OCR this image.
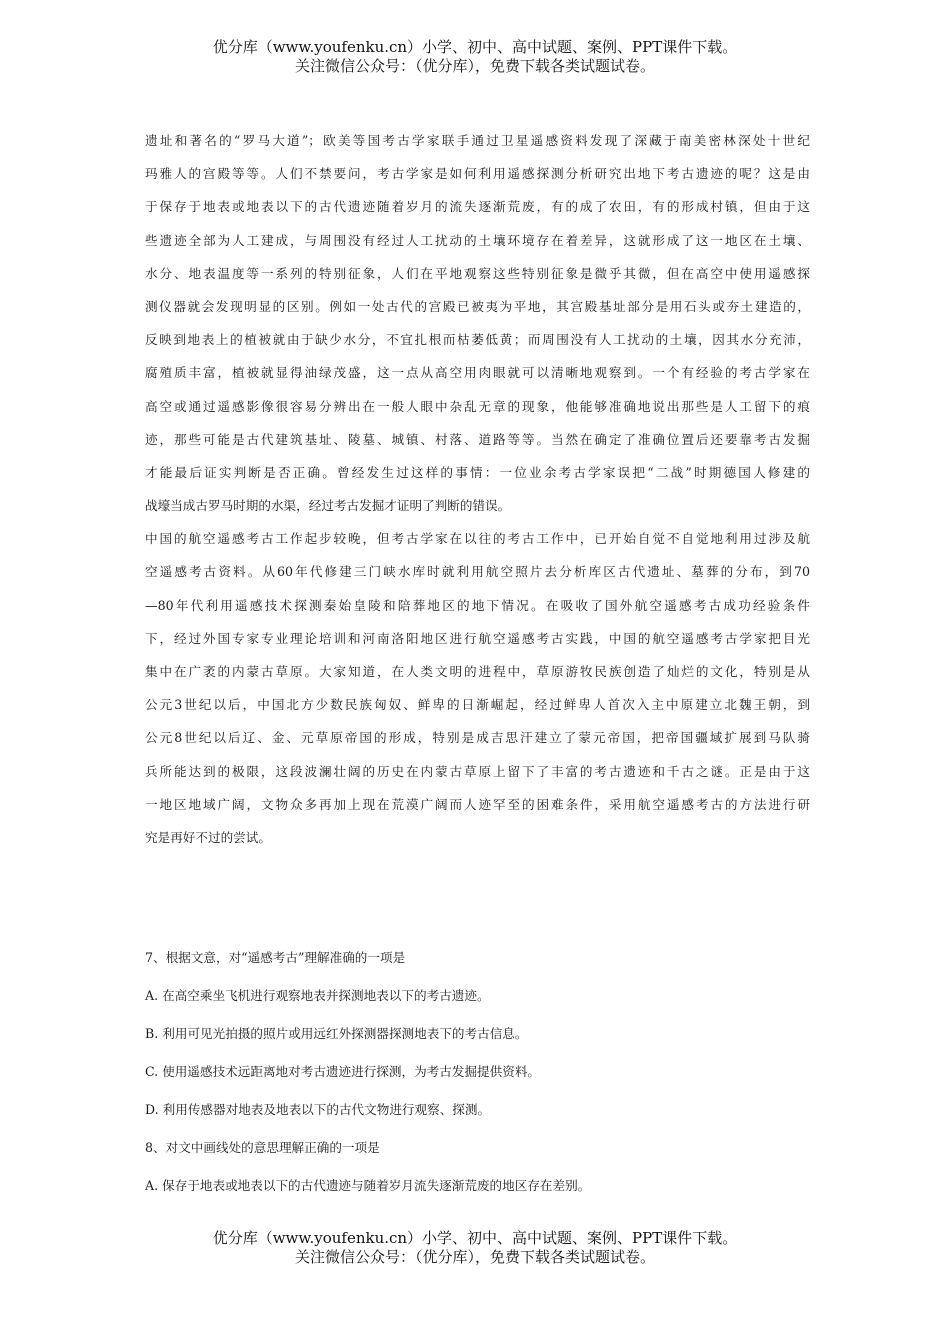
优分库（www.youfenku.cn）小学、初中、高中试题、案例、PPT课件下载。
关注微信公众号：（优分库），免费下载各类试题试卷。
遗址和著名的“罗马大道”；欧美等国考古学家联手通过卫星遥感资料发现了深藏于南美密林深处十世纪
玛雅人的宫殿等等。人们不禁要问，考古学家是如何利用遥感探测分析研究出地下考古遗迹的呢？这是由
于保存于地表或地表以下的古代遗迹随着岁月的流失逐渐荒废，有的成了农田，有的形成村镇，但由于这
些遗迹全部为人工建成，与周围没有经过人工扰动的土壤环境存在着差异，这就形成了这一地区在土壤、
水分、地表温度等一系列的特别征象，人们在平地观察这些特别征象是微乎其微，但在高空中使用遥感探
测仪器就会发现明显的区别。例如一处古代的宫殿已被夷为平地，其宫殿基址部分是用石头或夯土建造的，
反映到地表上的植被就由于缺少水分，不宜扎根而枯萎低黄；而周围没有人工扰动的土壤，因其水分充沛，
腐殖质丰富，植被就显得油绿茂盛，这一点从高空用肉眼就可以清晰地观察到。一个有经验的考古学家在
高空或通过遥感影像很容易分辨出在一般人眼中杂乱无章的现象，他能够准确地说出那些是人工留下的痕
迹，那些可能是古代建筑基址、陵墓、城镇、村落、道路等等。当然在确定了准确位置后还要靠考古发掘
才能最后证实判断是否正确。曾经发生过这样的事情：一位业余考古学家误把“二战”时期德国人修建的
战壕当成古罗马时期的水渠，经过考古发掘才证明了判断的错误。
中国的航空遥感考古工作起步较晚，但考古学家在以往的考古工作中，已开始自觉不自觉地利用过涉及航
空遥感考古资料。从60年代修建三门峡水库时就利用航空照片去分析库区古代遗址、墓葬的分布，到70
—80年代利用遥感技术探测秦始皇陵和陪葬地区的地下情况。在吸收了国外航空遥感考古成功经验条件
下，经过外国专家专业理论培训和河南洛阳地区进行航空遥感考古实践，中国的航空遥感考古学家把目光
集中在广袤的内蒙古草原。大家知道，在人类文明的进程中，草原游牧民族创造了灿烂的文化，特别是从
公元3世纪以后，中国北方少数民族匈奴、鲜卑的日渐崛起，经过鲜卑人首次入主中原建立北魏王朝，到
公元8世纪以后辽、金、元草原帝国的形成，特别是成吉思汗建立了蒙元帝国，把帝国疆域扩展到马队骑
兵所能达到的极限，这段波澜壮阔的历史在内蒙古草原上留下了丰富的考古遗迹和千古之谜。正是由于这
一地区地域广阔，文物众多再加上现在荒漠广阔而人迹罕至的困难条件，采用航空遥感考古的方法进行研
究是再好不过的尝试。
7、根据文意，对“遥感考古”理解准确的一项是
A. 在高空乘坐飞机进行观察地表并探测地表以下的考古遗迹。
B. 利用可见光拍摄的照片或用远红外探测器探测地表下的考古信息。
C. 使用遥感技术远距离地对考古遗迹进行探测，为考古发掘提供资料。
D. 利用传感器对地表及地表以下的古代文物进行观察、探测。
8、对文中画线处的意思理解正确的一项是
A. 保存于地表或地表以下的古代遗迹与随着岁月流失逐渐荒废的地区存在差别。
优分库（www.youfenku.cn）小学、初中、高中试题、案例、PPT课件下载。
关注微信公众号：（优分库），免费下载各类试题试卷。
